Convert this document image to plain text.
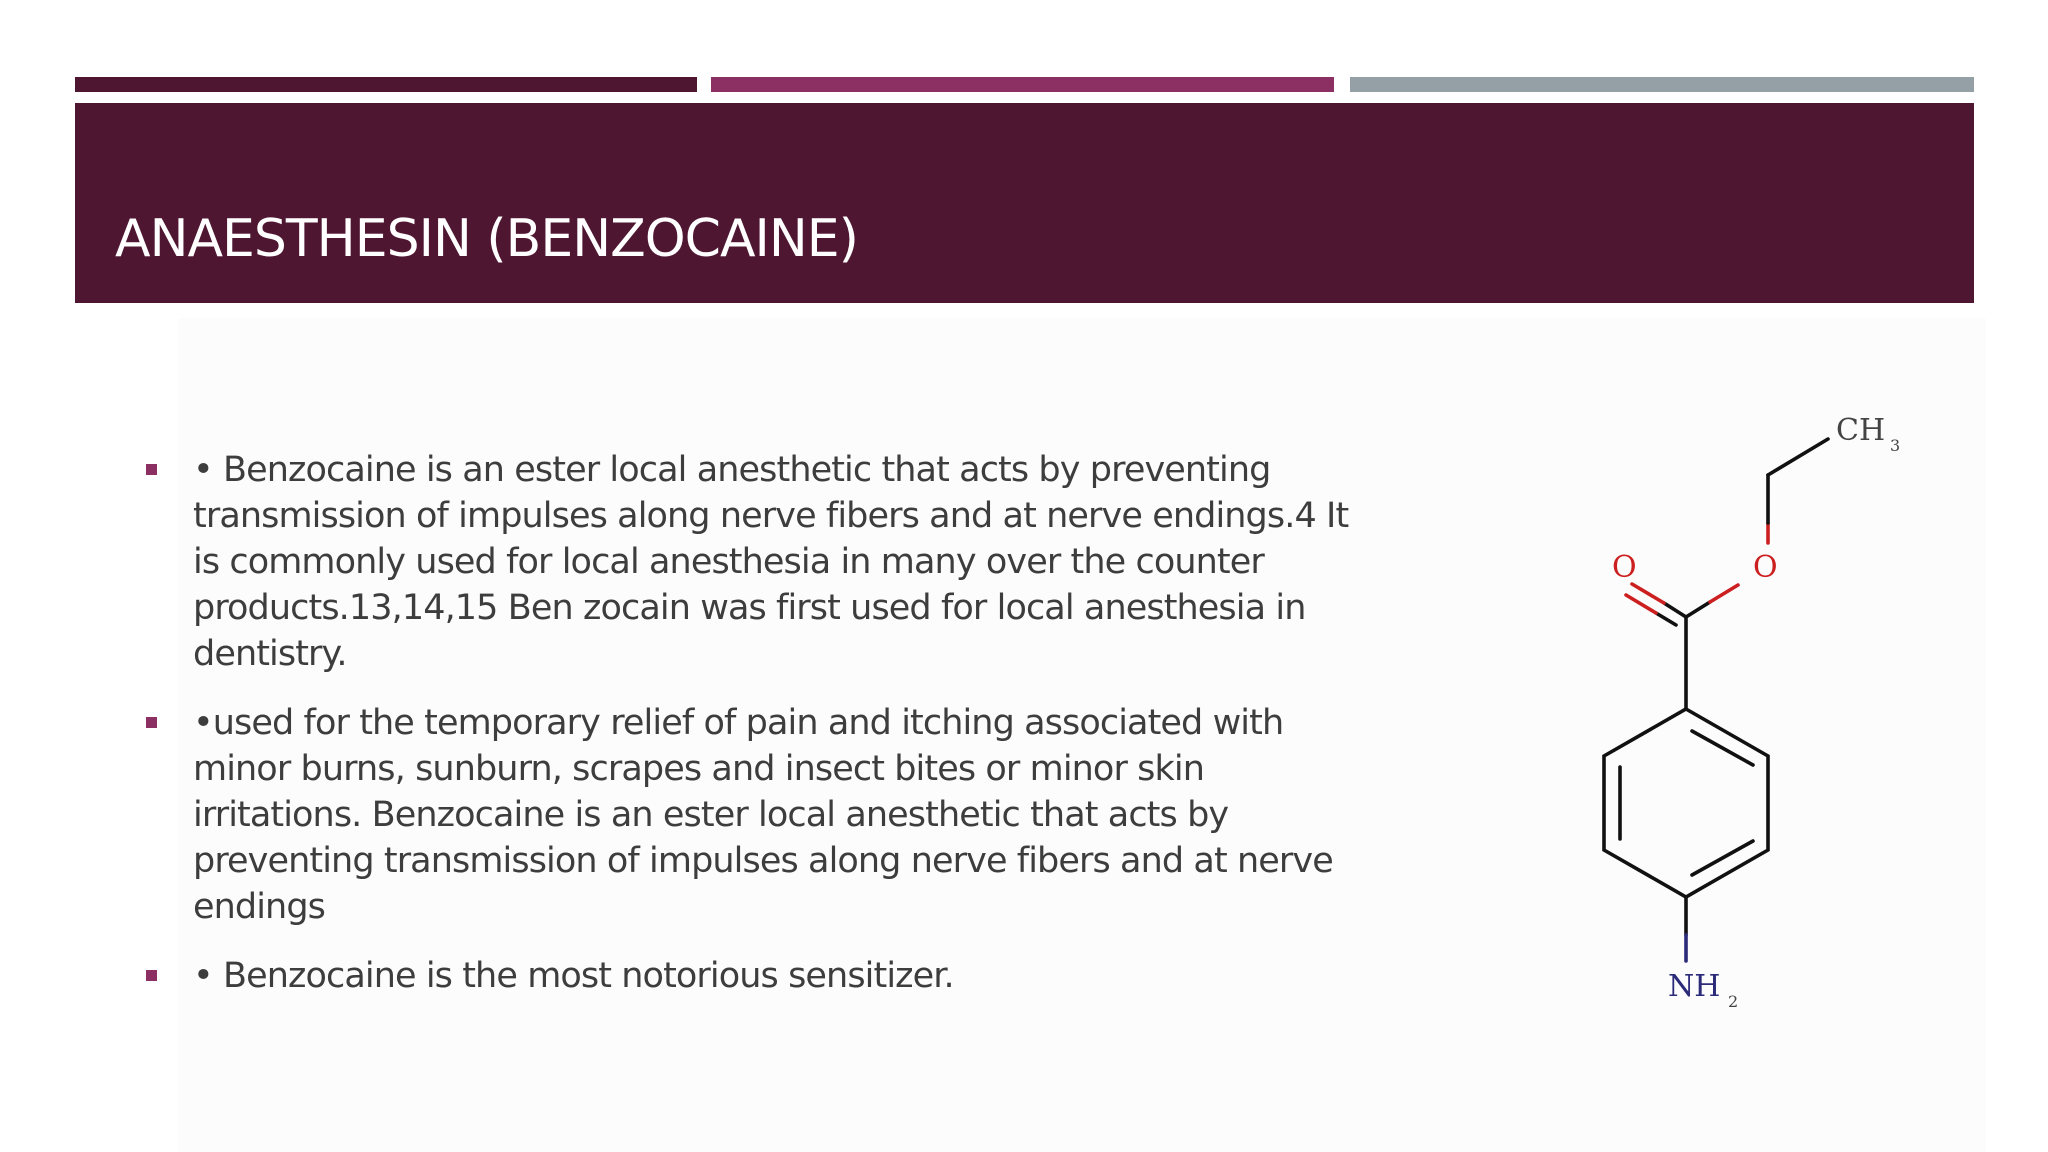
ANAESTHESIN (BENZOCAINE)
• Benzocaine is an ester local anesthetic that acts by preventing transmission of impulses along nerve fibers and at nerve endings.4 It is commonly used for local anesthesia in many over the counter products.13,14,15 Ben zocain was first used for local anesthesia in dentistry.
•used for the temporary relief of pain and itching associated with minor burns, sunburn, scrapes and insect bites or minor skin irritations. Benzocaine is an ester local anesthetic that acts by preventing transmission of impulses along nerve fibers and at nerve endings
• Benzocaine is the most notorious sensitizer.
O	O
CH 3
NH 2
